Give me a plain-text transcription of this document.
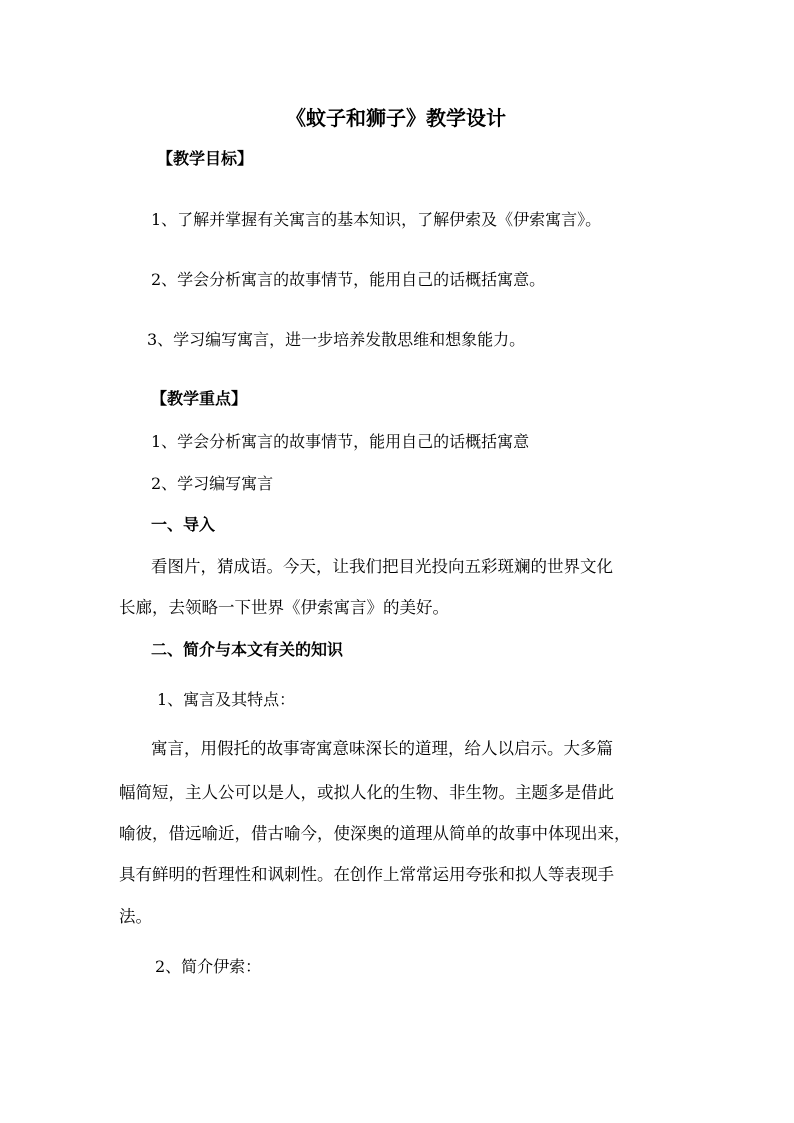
《蚊子和狮子》教学设计
【教学目标】
1、了解并掌握有关寓言的基本知识，了解伊索及《伊索寓言》。
2、学会分析寓言的故事情节，能用自己的话概括寓意。
3、学习编写寓言，进一步培养发散思维和想象能力。
【教学重点】
1、学会分析寓言的故事情节，能用自己的话概括寓意
2、学习编写寓言
一、导入
看图片，猜成语。今天，让我们把目光投向五彩斑斓的世界文化
长廊，去领略一下世界《伊索寓言》的美好。
二、简介与本文有关的知识
1、寓言及其特点：
寓言，用假托的故事寄寓意味深长的道理，给人以启示。大多篇
幅简短，主人公可以是人，或拟人化的生物、非生物。主题多是借此
喻彼，借远喻近，借古喻今，使深奥的道理从简单的故事中体现出来，
具有鲜明的哲理性和讽刺性。在创作上常常运用夸张和拟人等表现手
法。
2、简介伊索：
